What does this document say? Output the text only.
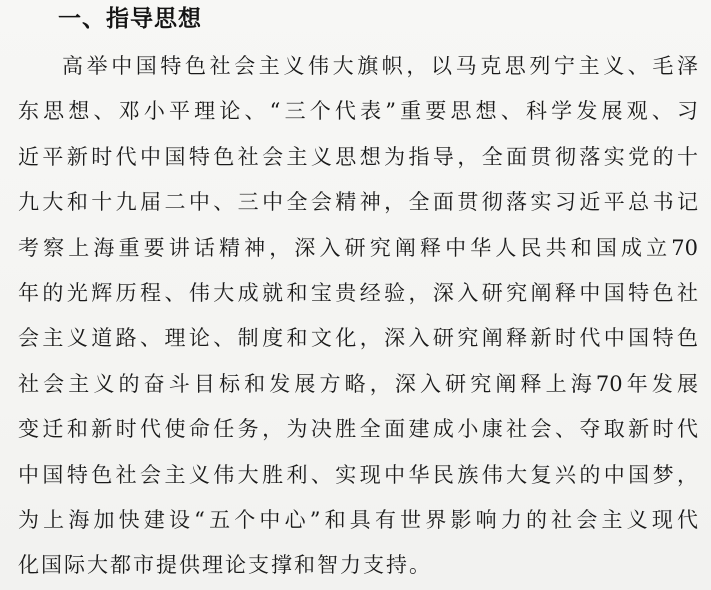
一、指导思想
高举中国特色社会主义伟大旗帜，以马克思列宁主义、毛泽
东思想、邓小平理论、“三个代表”重要思想、科学发展观、习
近平新时代中国特色社会主义思想为指导，全面贯彻落实党的十
九大和十九届二中、三中全会精神，全面贯彻落实习近平总书记
考察上海重要讲话精神，深入研究阐释中华人民共和国成立70
年的光辉历程、伟大成就和宝贵经验，深入研究阐释中国特色社
会主义道路、理论、制度和文化，深入研究阐释新时代中国特色
社会主义的奋斗目标和发展方略，深入研究阐释上海70年发展
变迁和新时代使命任务，为决胜全面建成小康社会、夺取新时代
中国特色社会主义伟大胜利、实现中华民族伟大复兴的中国梦，
为上海加快建设“五个中心”和具有世界影响力的社会主义现代
化国际大都市提供理论支撑和智力支持。
